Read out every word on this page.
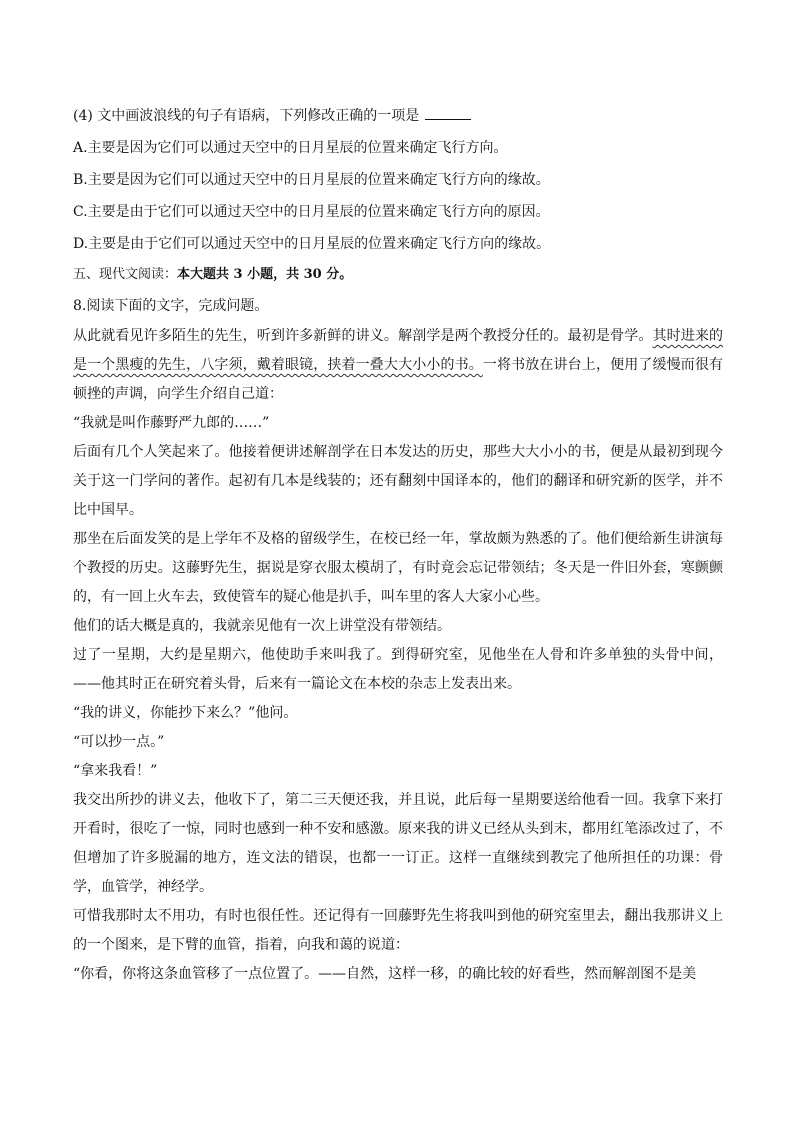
(4) 文中画波浪线的句子有语病，下列修改正确的一项是

A.主要是因为它们可以通过天空中的日月星辰的位置来确定飞行方向。

B.主要是因为它们可以通过天空中的日月星辰的位置来确定飞行方向的缘故。

C.主要是由于它们可以通过天空中的日月星辰的位置来确定飞行方向的原因。

D.主要是由于它们可以通过天空中的日月星辰的位置来确定飞行方向的缘故。

五、现代文阅读：本大题共 3 小题，共 30 分。

8.阅读下面的文字，完成问题。

从此就看见许多陌生的先生，听到许多新鲜的讲义。解剖学是两个教授分任的。最初是骨学。其时进来的是一个黑瘦的先生，八字须，戴着眼镜，挟着一叠大大小小的书。一将书放在讲台上，便用了缓慢而很有顿挫的声调，向学生介绍自己道：

“我就是叫作藤野严九郎的……”

后面有几个人笑起来了。他接着便讲述解剖学在日本发达的历史，那些大大小小的书，便是从最初到现今关于这一门学问的著作。起初有几本是线装的；还有翻刻中国译本的，他们的翻译和研究新的医学，并不比中国早。

那坐在后面发笑的是上学年不及格的留级学生，在校已经一年，掌故颇为熟悉的了。他们便给新生讲演每个教授的历史。这藤野先生，据说是穿衣服太模胡了，有时竟会忘记带领结；冬天是一件旧外套，寒颤颤的，有一回上火车去，致使管车的疑心他是扒手，叫车里的客人大家小心些。

他们的话大概是真的，我就亲见他有一次上讲堂没有带领结。

过了一星期，大约是星期六，他使助手来叫我了。到得研究室，见他坐在人骨和许多单独的头骨中间，——他其时正在研究着头骨，后来有一篇论文在本校的杂志上发表出来。

“我的讲义，你能抄下来么？”他问。

“可以抄一点。”

“拿来我看！”

我交出所抄的讲义去，他收下了，第二三天便还我，并且说，此后每一星期要送给他看一回。我拿下来打开看时，很吃了一惊，同时也感到一种不安和感激。原来我的讲义已经从头到末，都用红笔添改过了，不但增加了许多脱漏的地方，连文法的错误，也都一一订正。这样一直继续到教完了他所担任的功课：骨学，血管学，神经学。

可惜我那时太不用功，有时也很任性。还记得有一回藤野先生将我叫到他的研究室里去，翻出我那讲义上的一个图来，是下臂的血管，指着，向我和蔼的说道：

“你看，你将这条血管移了一点位置了。——自然，这样一移，的确比较的好看些，然而解剖图不是美
